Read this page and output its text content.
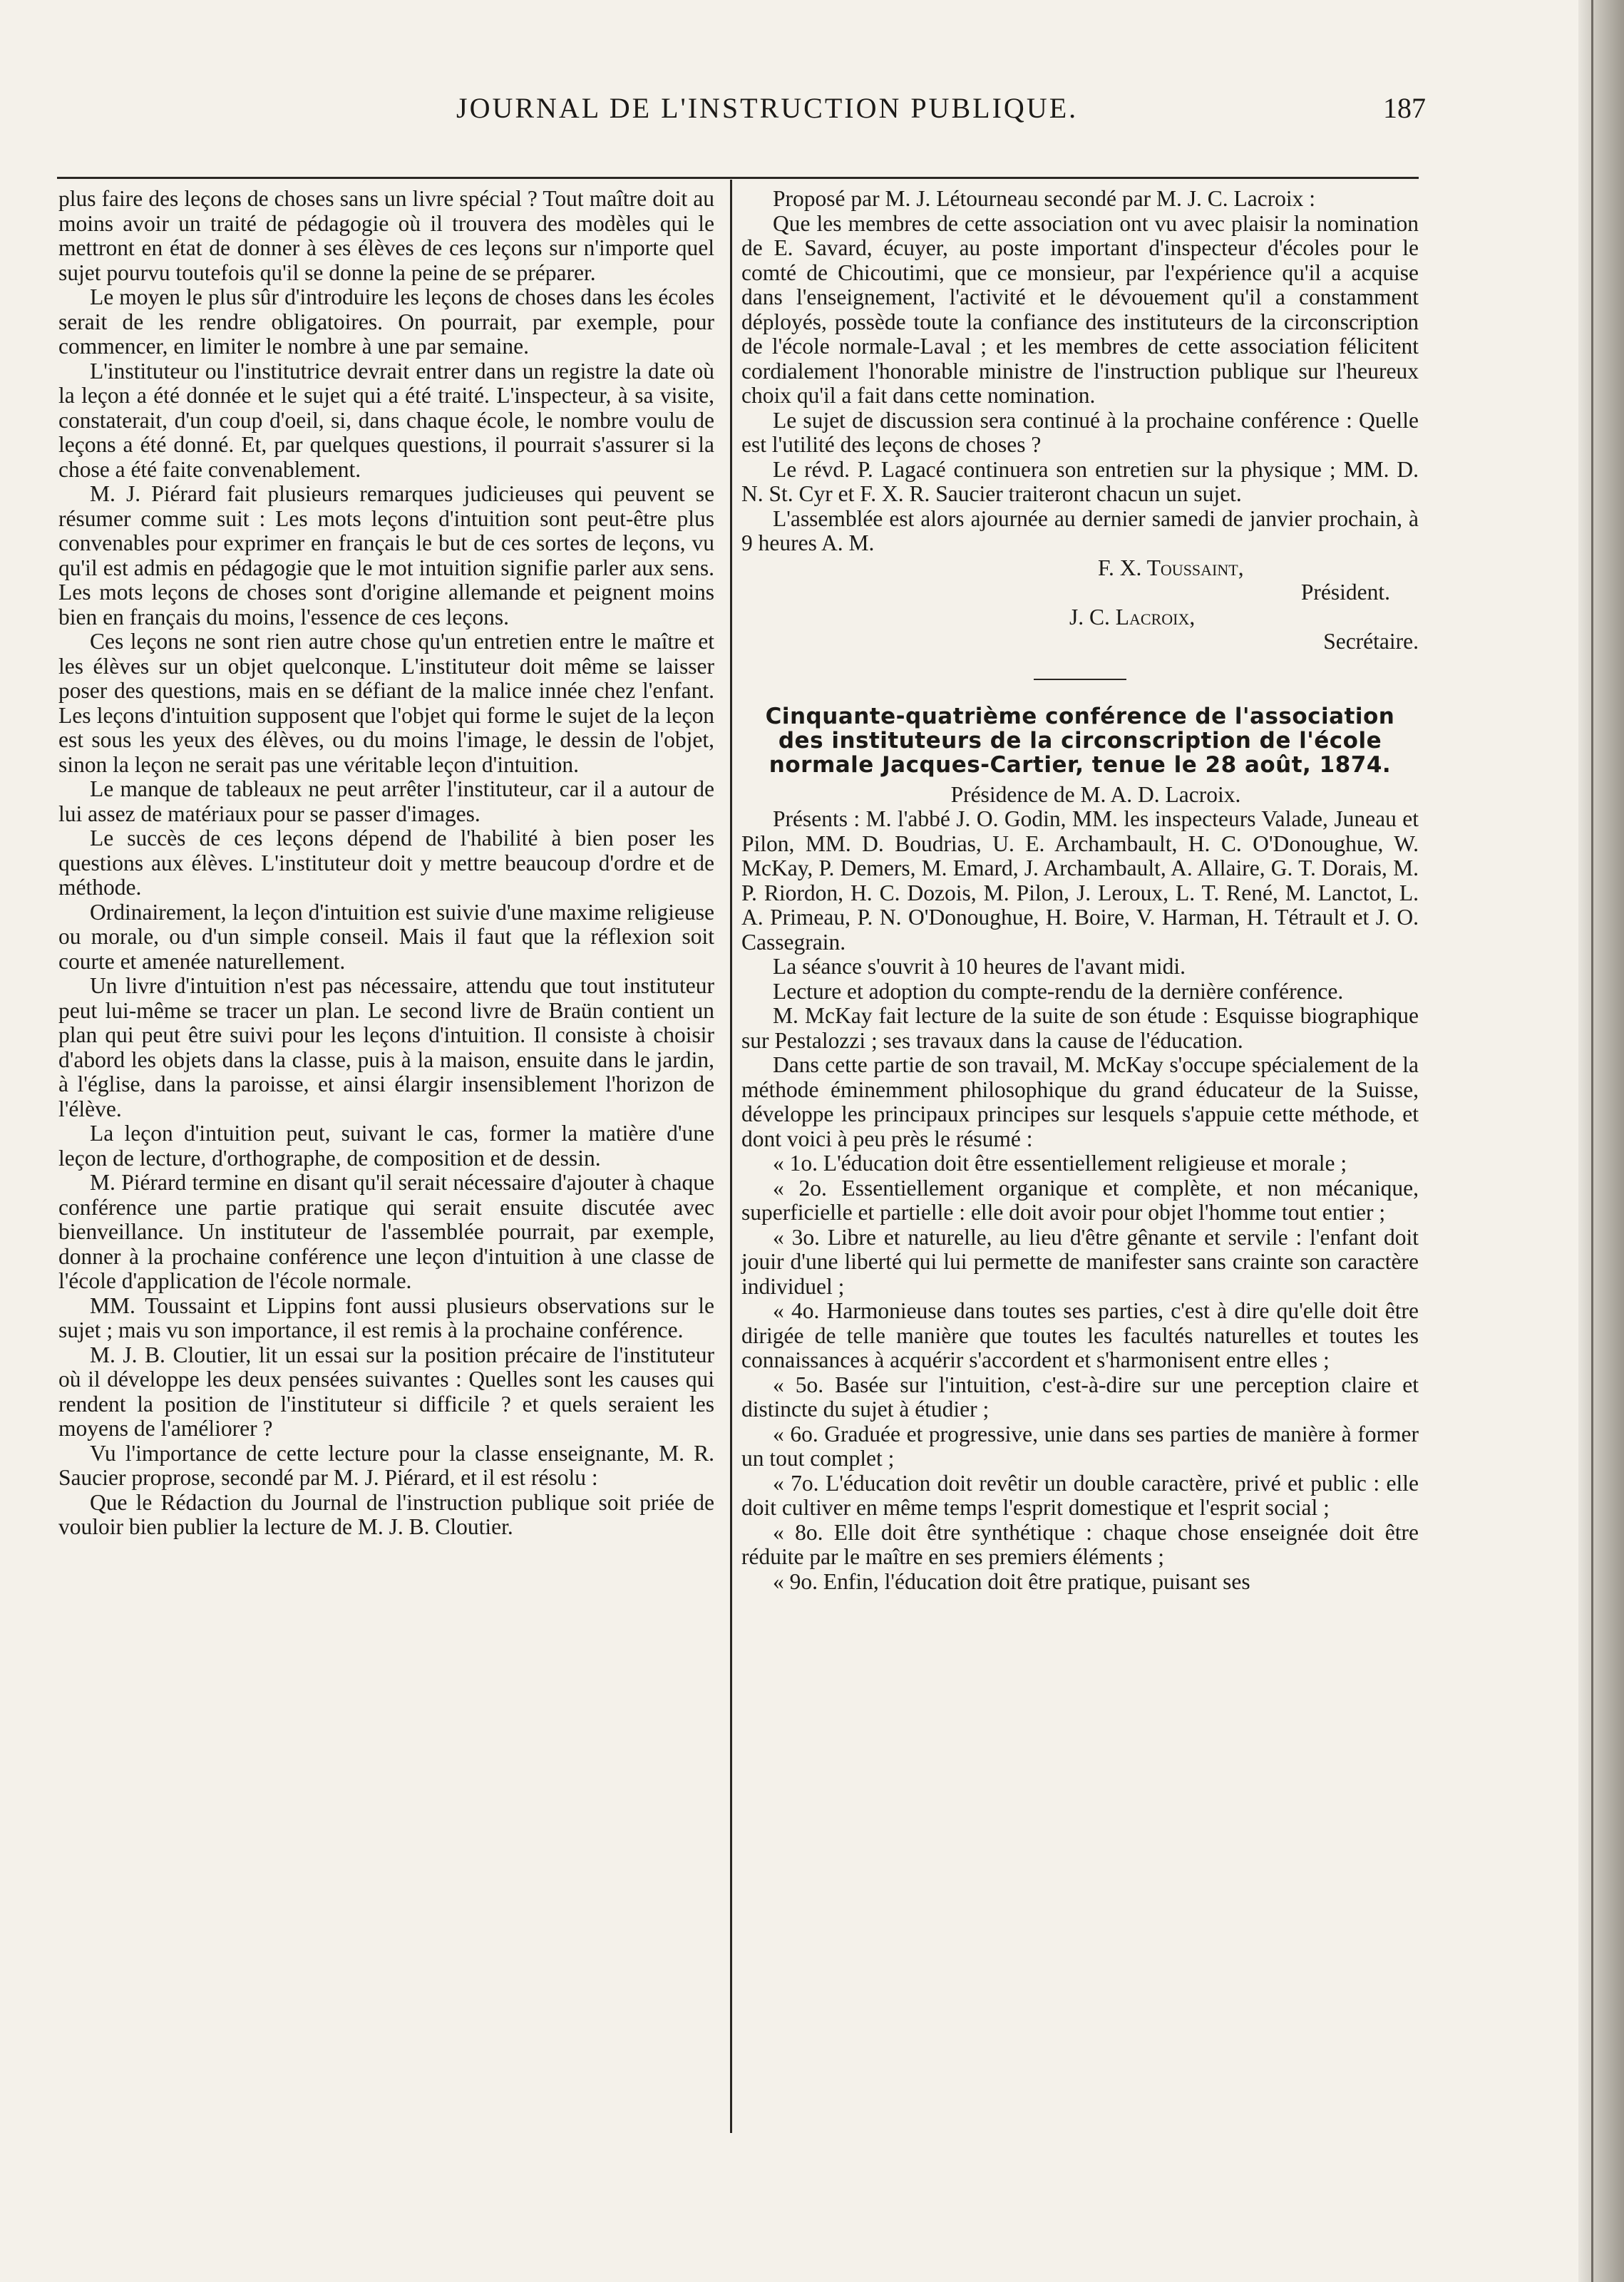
JOURNAL DE L'INSTRUCTION PUBLIQUE.	187

plus faire des leçons de choses sans un livre spécial ? Tout maître doit au moins avoir un traité de pédagogie où il trouvera des modèles qui le mettront en état de donner à ses élèves de ces leçons sur n'importe quel sujet pourvu toutefois qu'il se donne la peine de se préparer.

Le moyen le plus sûr d'introduire les leçons de choses dans les écoles serait de les rendre obligatoires. On pourrait, par exemple, pour commencer, en limiter le nombre à une par semaine.

L'instituteur ou l'institutrice devrait entrer dans un registre la date où la leçon a été donnée et le sujet qui a été traité. L'inspecteur, à sa visite, constaterait, d'un coup d'oeil, si, dans chaque école, le nombre voulu de leçons a été donné. Et, par quelques questions, il pourrait s'assurer si la chose a été faite convenablement.

M. J. Piérard fait plusieurs remarques judicieuses qui peuvent se résumer comme suit : Les mots leçons d'intuition sont peut-être plus convenables pour exprimer en français le but de ces sortes de leçons, vu qu'il est admis en pédagogie que le mot intuition signifie parler aux sens. Les mots leçons de choses sont d'origine allemande et peignent moins bien en français du moins, l'essence de ces leçons.

Ces leçons ne sont rien autre chose qu'un entretien entre le maître et les élèves sur un objet quelconque. L'instituteur doit même se laisser poser des questions, mais en se défiant de la malice innée chez l'enfant. Les leçons d'intuition supposent que l'objet qui forme le sujet de la leçon est sous les yeux des élèves, ou du moins l'image, le dessin de l'objet, sinon la leçon ne serait pas une véritable leçon d'intuition.

Le manque de tableaux ne peut arrêter l'instituteur, car il a autour de lui assez de matériaux pour se passer d'images.

Le succès de ces leçons dépend de l'habilité à bien poser les questions aux élèves. L'instituteur doit y mettre beaucoup d'ordre et de méthode.

Ordinairement, la leçon d'intuition est suivie d'une maxime religieuse ou morale, ou d'un simple conseil. Mais il faut que la réflexion soit courte et amenée naturellement.

Un livre d'intuition n'est pas nécessaire, attendu que tout instituteur peut lui-même se tracer un plan. Le second livre de Braün contient un plan qui peut être suivi pour les leçons d'intuition. Il consiste à choisir d'abord les objets dans la classe, puis à la maison, ensuite dans le jardin, à l'église, dans la paroisse, et ainsi élargir insensiblement l'horizon de l'élève.

La leçon d'intuition peut, suivant le cas, former la matière d'une leçon de lecture, d'orthographe, de composition et de dessin.

M. Piérard termine en disant qu'il serait nécessaire d'ajouter à chaque conférence une partie pratique qui serait ensuite discutée avec bienveillance. Un instituteur de l'assemblée pourrait, par exemple, donner à la prochaine conférence une leçon d'intuition à une classe de l'école d'application de l'école normale.

MM. Toussaint et Lippins font aussi plusieurs observations sur le sujet ; mais vu son importance, il est remis à la prochaine conférence.

M. J. B. Cloutier, lit un essai sur la position précaire de l'instituteur où il développe les deux pensées suivantes : Quelles sont les causes qui rendent la position de l'instituteur si difficile ? et quels seraient les moyens de l'améliorer ?

Vu l'importance de cette lecture pour la classe enseignante, M. R. Saucier proprose, secondé par M. J. Piérard, et il est résolu :

Que le Rédaction du Journal de l'instruction publique soit priée de vouloir bien publier la lecture de M. J. B. Cloutier.

Proposé par M. J. Létourneau secondé par M. J. C. Lacroix :

Que les membres de cette association ont vu avec plaisir la nomination de E. Savard, écuyer, au poste important d'inspecteur d'écoles pour le comté de Chicoutimi, que ce monsieur, par l'expérience qu'il a acquise dans l'enseignement, l'activité et le dévouement qu'il a constamment déployés, possède toute la confiance des instituteurs de la circonscription de l'école normale-Laval ; et les membres de cette association félicitent cordialement l'honorable ministre de l'instruction publique sur l'heureux choix qu'il a fait dans cette nomination.

Le sujet de discussion sera continué à la prochaine conférence : Quelle est l'utilité des leçons de choses ?

Le révd. P. Lagacé continuera son entretien sur la physique ; MM. D. N. St. Cyr et F. X. R. Saucier traiteront chacun un sujet.

L'assemblée est alors ajournée au dernier samedi de janvier prochain, à 9 heures A. M.

F. X. Toussaint,
Président.
J. C. Lacroix,
Secrétaire.
Cinquante-quatrième conférence de l'association des instituteurs de la circonscription de l'école normale Jacques-Cartier, tenue le 28 août, 1874.

Présidence de M. A. D. Lacroix.

Présents : M. l'abbé J. O. Godin, MM. les inspecteurs Valade, Juneau et Pilon, MM. D. Boudrias, U. E. Archambault, H. C. O'Donoughue, W. McKay, P. Demers, M. Emard, J. Archambault, A. Allaire, G. T. Dorais, M. P. Riordon, H. C. Dozois, M. Pilon, J. Leroux, L. T. René, M. Lanctot, L. A. Primeau, P. N. O'Donoughue, H. Boire, V. Harman, H. Tétrault et J. O. Cassegrain.

La séance s'ouvrit à 10 heures de l'avant midi.

Lecture et adoption du compte-rendu de la dernière conférence.

M. McKay fait lecture de la suite de son étude : Esquisse biographique sur Pestalozzi ; ses travaux dans la cause de l'éducation.

Dans cette partie de son travail, M. McKay s'occupe spécialement de la méthode éminemment philosophique du grand éducateur de la Suisse, développe les principaux principes sur lesquels s'appuie cette méthode, et dont voici à peu près le résumé :

« 1o. L'éducation doit être essentiellement religieuse et morale ;

« 2o. Essentiellement organique et complète, et non mécanique, superficielle et partielle : elle doit avoir pour objet l'homme tout entier ;

« 3o. Libre et naturelle, au lieu d'être gênante et servile : l'enfant doit jouir d'une liberté qui lui permette de manifester sans crainte son caractère individuel ;

« 4o. Harmonieuse dans toutes ses parties, c'est à dire qu'elle doit être dirigée de telle manière que toutes les facultés naturelles et toutes les connaissances à acquérir s'accordent et s'harmonisent entre elles ;

« 5o. Basée sur l'intuition, c'est-à-dire sur une perception claire et distincte du sujet à étudier ;

« 6o. Graduée et progressive, unie dans ses parties de manière à former un tout complet ;

« 7o. L'éducation doit revêtir un double caractère, privé et public : elle doit cultiver en même temps l'esprit domestique et l'esprit social ;

« 8o. Elle doit être synthétique : chaque chose enseignée doit être réduite par le maître en ses premiers éléments ;

« 9o. Enfin, l'éducation doit être pratique, puisant ses
